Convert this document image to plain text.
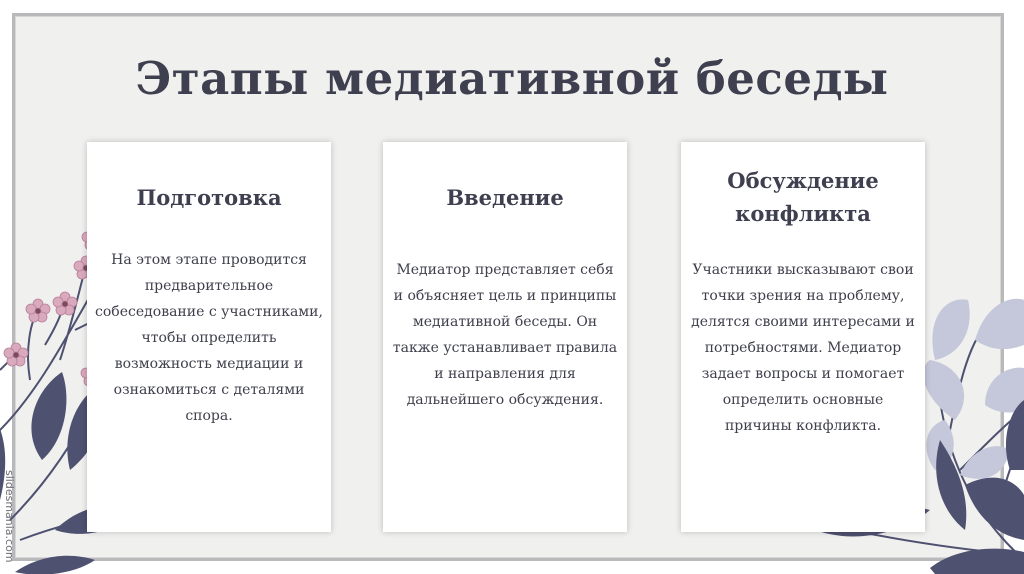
slidesmania.com
Этапы медиативной беседы
Подготовка

На этом этапе проводится предварительное собеседование с участниками, чтобы определить возможность медиации и ознакомиться с деталями спора.

Введение

Медиатор представляет себя и объясняет цель и принципы медиативной беседы. Он также устанавливает правила и направления для дальнейшего обсуждения.

Обсуждение конфликта

Участники высказывают свои точки зрения на проблему, делятся своими интересами и потребностями. Медиатор задает вопросы и помогает определить основные причины конфликта.
